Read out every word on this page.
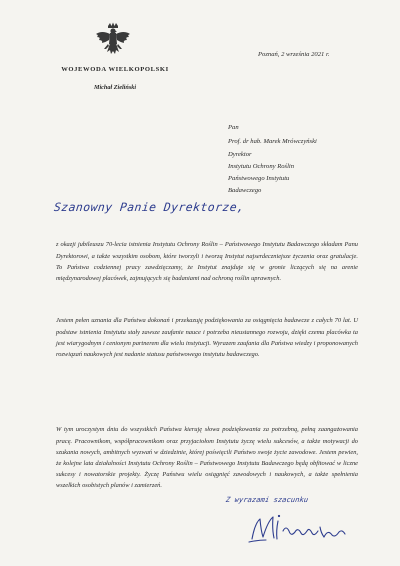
WOJEWODA WIELKOPOLSKI
Michał Zieliński
Poznań, 2 września 2021 r.
Pan
Prof. dr hab. Marek Mrówczyński
Dyrektor
Instytutu Ochrony Roślin
Państwowego Instytutu
Badawczego
Szanowny Panie Dyrektorze,

z okazji jubileuszu 70-lecia istnienia Instytutu Ochrony Roślin – Państwowego Instytutu Badawczego składam Panu Dyrektorowi, a także wszystkim osobom, które tworzyli i tworzą Instytut najserdeczniejsze życzenia oraz gratulacje. To Państwa codziennej pracy zawdzięczamy, że Instytut znajduje się w gronie liczących się na arenie międzynarodowej placówek, zajmujących się badaniami nad ochroną roślin uprawnych.

Jestem pełen uznania dla Państwa dokonań i przekazuję podziękowania za osiągnięcia badawcze z całych 70 lat. U podstaw istnienia Instytutu stały zawsze zaufanie nauce i potrzeba nieustannego rozwoju, dzięki czemu placówka ta jest wiarygodnym i cenionym partnerem dla wielu instytucji. Wyrazem zaufania dla Państwa wiedzy i proponowanych rozwiązań naukowych jest nadanie statusu państwowego instytutu badawczego.

W tym uroczystym dniu do wszystkich Państwa kieruję słowa podziękowania za potrzebną, pełną zaangażowania pracę. Pracownikom, współpracownikom oraz przyjaciołom Instytutu życzę wielu sukcesów, a także motywacji do szukania nowych, ambitnych wyzwań w dziedzinie, której poświęcili Państwo swoje życie zawodowe. Jestem pewien, że kolejne lata działalności Instytutu Ochrony Roślin – Państwowego Instytutu Badawczego będą obfitować w liczne sukcesy i nowatorskie projekty. Życzę Państwu wielu osiągnięć zawodowych i naukowych, a także spełnienia wszelkich osobistych planów i zamierzeń.

Z wyrazami szacunku
